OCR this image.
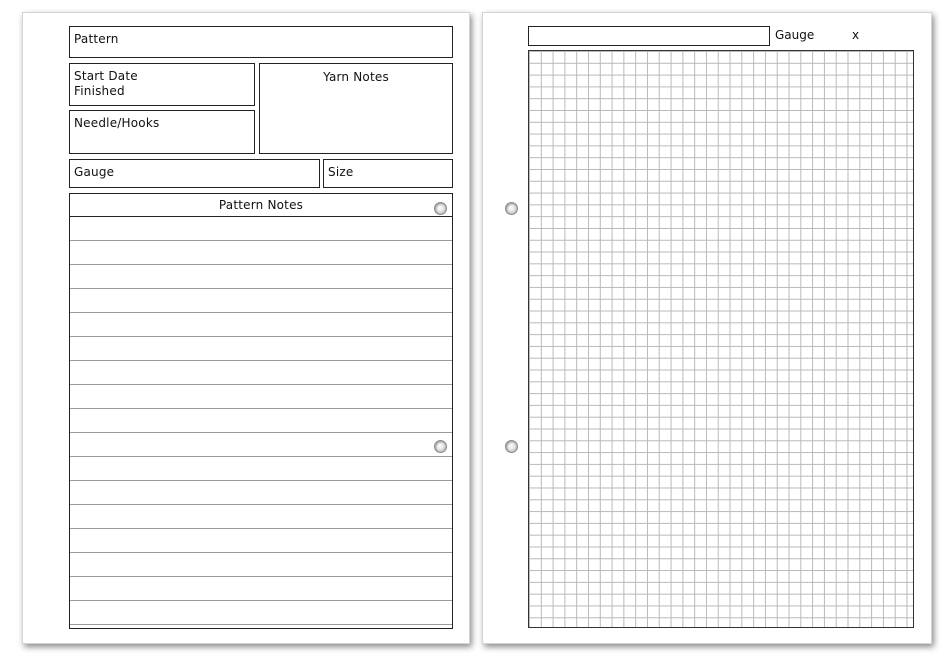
Pattern
Start Date
Finished
Needle/Hooks
Yarn Notes
Gauge	Size
Pattern Notes
Gauge	x
